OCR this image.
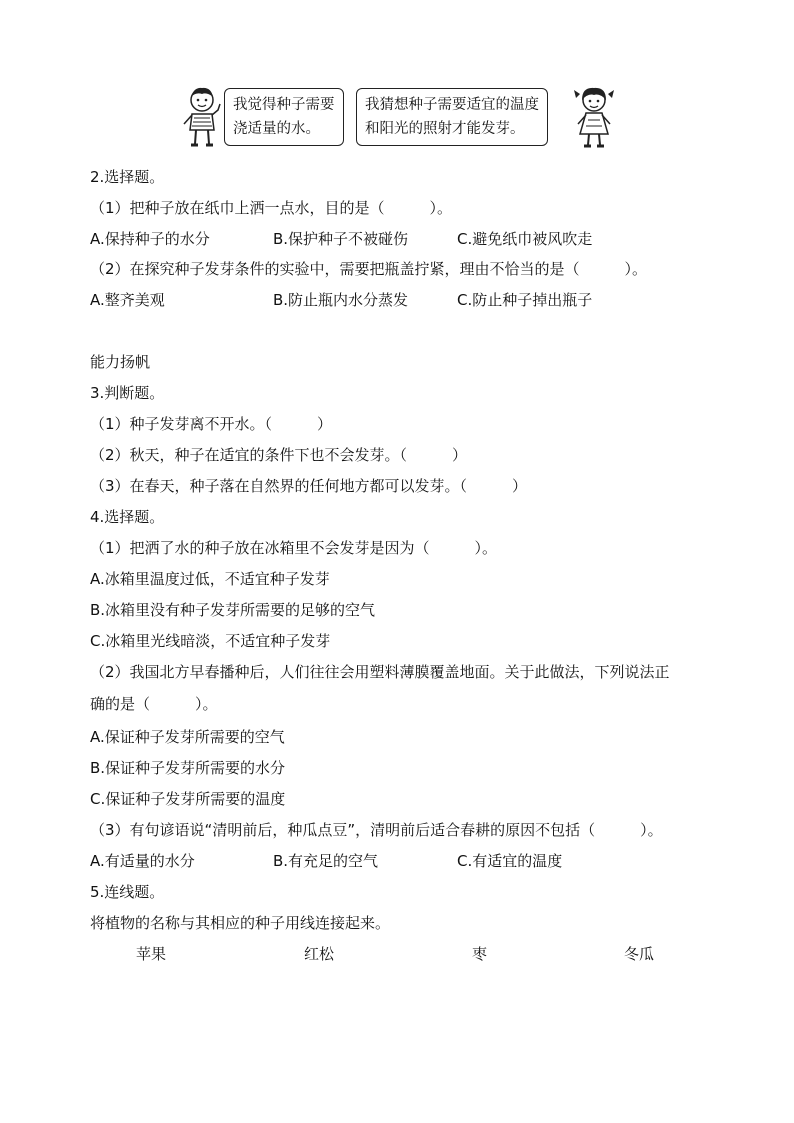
我觉得种子需要

浇适量的水。

我猜想种子需要适宜的温度

和阳光的照射才能发芽。

2.选择题。
（1）把种子放在纸巾上洒一点水，目的是（　　　）。
A.保持种子的水分	B.保护种子不被碰伤	C.避免纸巾被风吹走
（2）在探究种子发芽条件的实验中，需要把瓶盖拧紧，理由不恰当的是（　　　）。
A.整齐美观	B.防止瓶内水分蒸发	C.防止种子掉出瓶子
能力扬帆
3.判断题。
（1）种子发芽离不开水。（　　　）
（2）秋天，种子在适宜的条件下也不会发芽。（　　　）
（3）在春天，种子落在自然界的任何地方都可以发芽。（　　　）
4.选择题。
（1）把洒了水的种子放在冰箱里不会发芽是因为（　　　）。
A.冰箱里温度过低，不适宜种子发芽
B.冰箱里没有种子发芽所需要的足够的空气
C.冰箱里光线暗淡，不适宜种子发芽
（2）我国北方早春播种后，人们往往会用塑料薄膜覆盖地面。关于此做法，下列说法正
确的是（　　　）。
A.保证种子发芽所需要的空气
B.保证种子发芽所需要的水分
C.保证种子发芽所需要的温度
（3）有句谚语说“清明前后，种瓜点豆”，清明前后适合春耕的原因不包括（　　　）。
A.有适量的水分	B.有充足的空气	C.有适宜的温度
5.连线题。
将植物的名称与其相应的种子用线连接起来。
苹果	红松	枣	冬瓜
